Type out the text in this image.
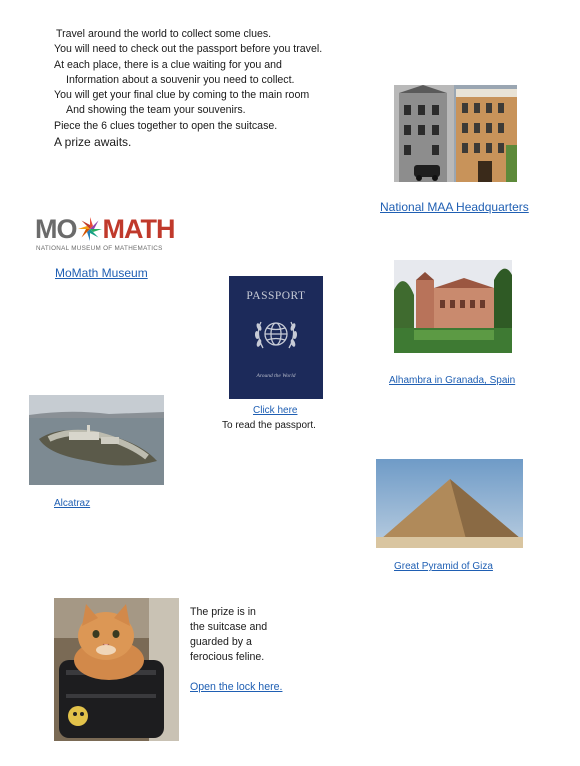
Travel around the world to collect some clues.
You will need to check out the passport before you travel.
At each place, there is a clue waiting for you and
Information about a souvenir you need to collect.
You will get your final clue by coming to the main room
And showing the team your souvenirs.
Piece the 6 clues together to open the suitcase.
A prize awaits.
National MAA Headquarters
MO MATH
NATIONAL MUSEUM OF MATHEMATICS
MoMath Museum
PASSPORT
Around the World
Click here
To read the passport.
Alhambra in Granada, Spain
Alcatraz
Great Pyramid of Giza
The prize is in
the suitcase and
guarded by a
ferocious feline.
Open the lock here.
